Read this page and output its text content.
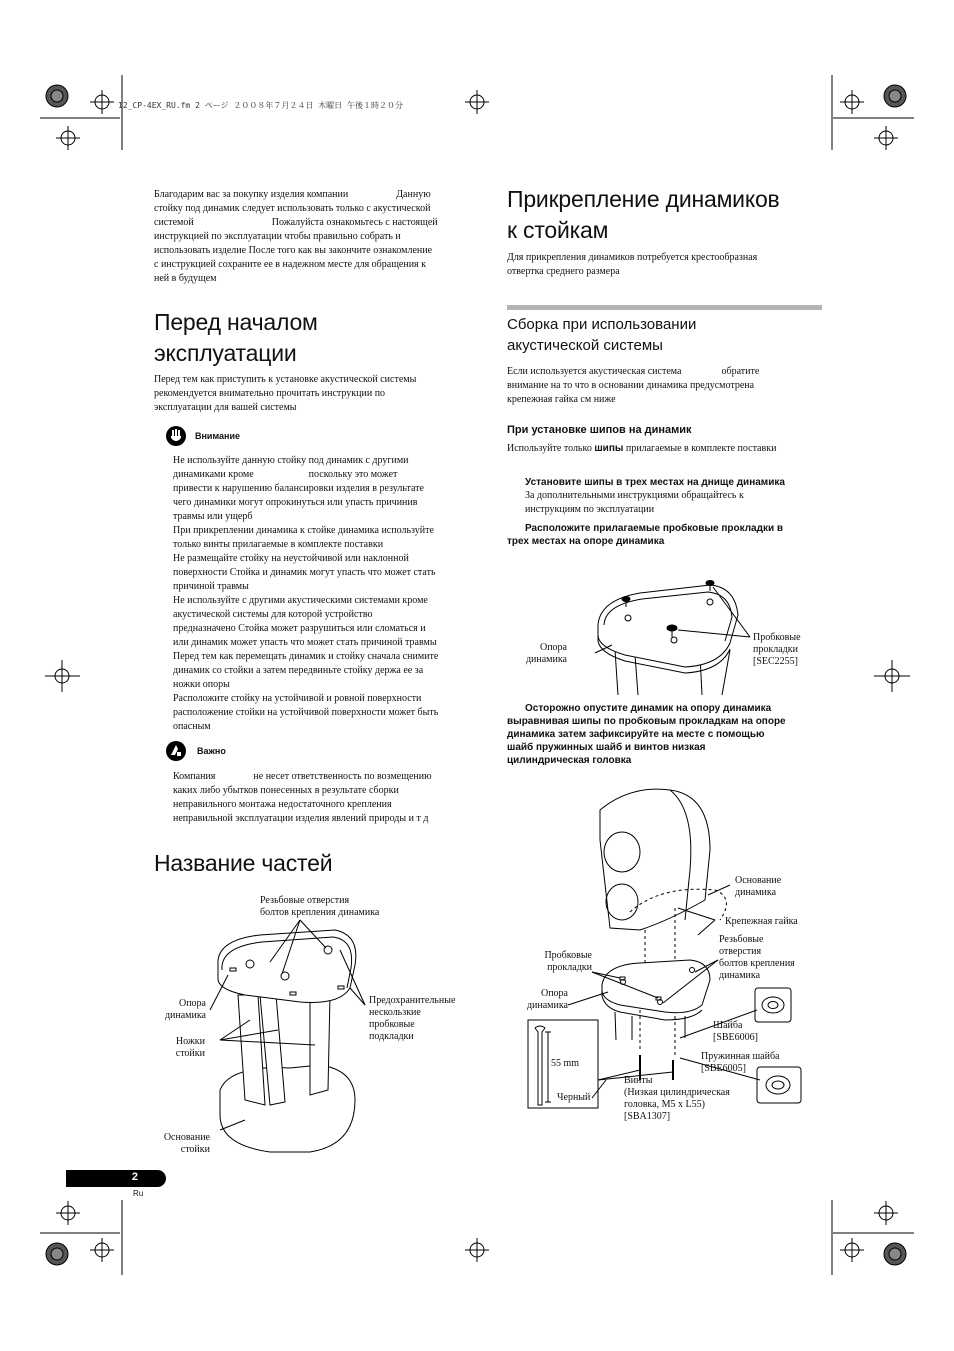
12_CP-4EX_RU.fm 2 ページ ２００８年７月２４日 木曜日 午後１時２０分
Благодарим вас за покупку изделия компании	Данную
стойку под динамик следует использовать только с акустической
системой	Пожалуйста ознакомьтесь с настоящей
инструкцией по эксплуатации чтобы правильно собрать и
использовать изделие После того как вы закончите ознакомление
с инструкцией сохраните ее в надежном месте для обращения к
ней в будущем
Перед началом
эксплуатации
Перед тем как приступить к установке акустической системы
рекомендуется внимательно прочитать инструкции по
эксплуатации для вашей системы
Внимание
Не используйте данную стойку под динамик с другими
динамиками кроме	поскольку это может
привести к нарушению балансировки изделия в результате
чего динамики могут опрокинуться или упасть причинив
травмы или ущерб
При прикреплении динамика к стойке динамика используйте
только винты прилагаемые в комплекте поставки
Не размещайте стойку на неустойчивой или наклонной
поверхности Стойка и динамик могут упасть что может стать
причиной травмы
Не используйте с другими акустическими системами кроме
акустической системы для которой устройство
предназначено Стойка может разрушиться или сломаться и
или динамик может упасть что может стать причиной травмы
Перед тем как перемещать динамик и стойку сначала снимите
динамик со стойки а затем передвиньте стойку держа ее за
ножки опоры
Расположите стойку на устойчивой и ровной поверхности
расположение стойки на устойчивой поверхности может быть
опасным
Важно
Компания	не несет ответственность по возмещению
каких либо убытков понесенных в результате сборки
неправильного монтажа недостаточного крепления
неправильной эксплуатации изделия явлений природы и т д
Название частей
Резьбовые отверстия
болтов крепления динамика
Опора
динамика
Ножки
стойки
Предохранительные
нескользкие
пробковые
подкладки
Основание
стойки
2
Ru
Прикрепление динамиков
к стойкам
Для прикрепления динамиков потребуется крестообразная
отвертка среднего размера
Сборка при использовании
акустической системы
Если используется акустическая система	обратите
внимание на то что в основании динамика предусмотрена
крепежная гайка см ниже
При установке шипов на динамик
Используйте только шипы прилагаемые в комплекте поставки
Установите шипы в трех местах на днище динамика
За дополнительными инструкциями обращайтесь к
инструкциям по эксплуатации
Расположите прилагаемые пробковые прокладки в
трех местах на опоре динамика
Опора
динамика
Пробковые
прокладки
[SEC2255]
Осторожно опустите динамик на опору динамика
выравнивая шипы по пробковым прокладкам на опоре
динамика затем зафиксируйте на месте с помощью
шайб пружинных шайб и винтов низкая
цилиндрическая головка
Основание
динамика
Крепежная гайка
Резьбовые
отверстия
болтов крепления
динамика
Пробковые
прокладки
Опора
динамика
Шайба
[SBE6006]
Пружинная шайба
[SBE6005]
55 mm
Черный
Винты
(Низкая цилиндрическая
головка, M5 x L55)
[SBA1307]
